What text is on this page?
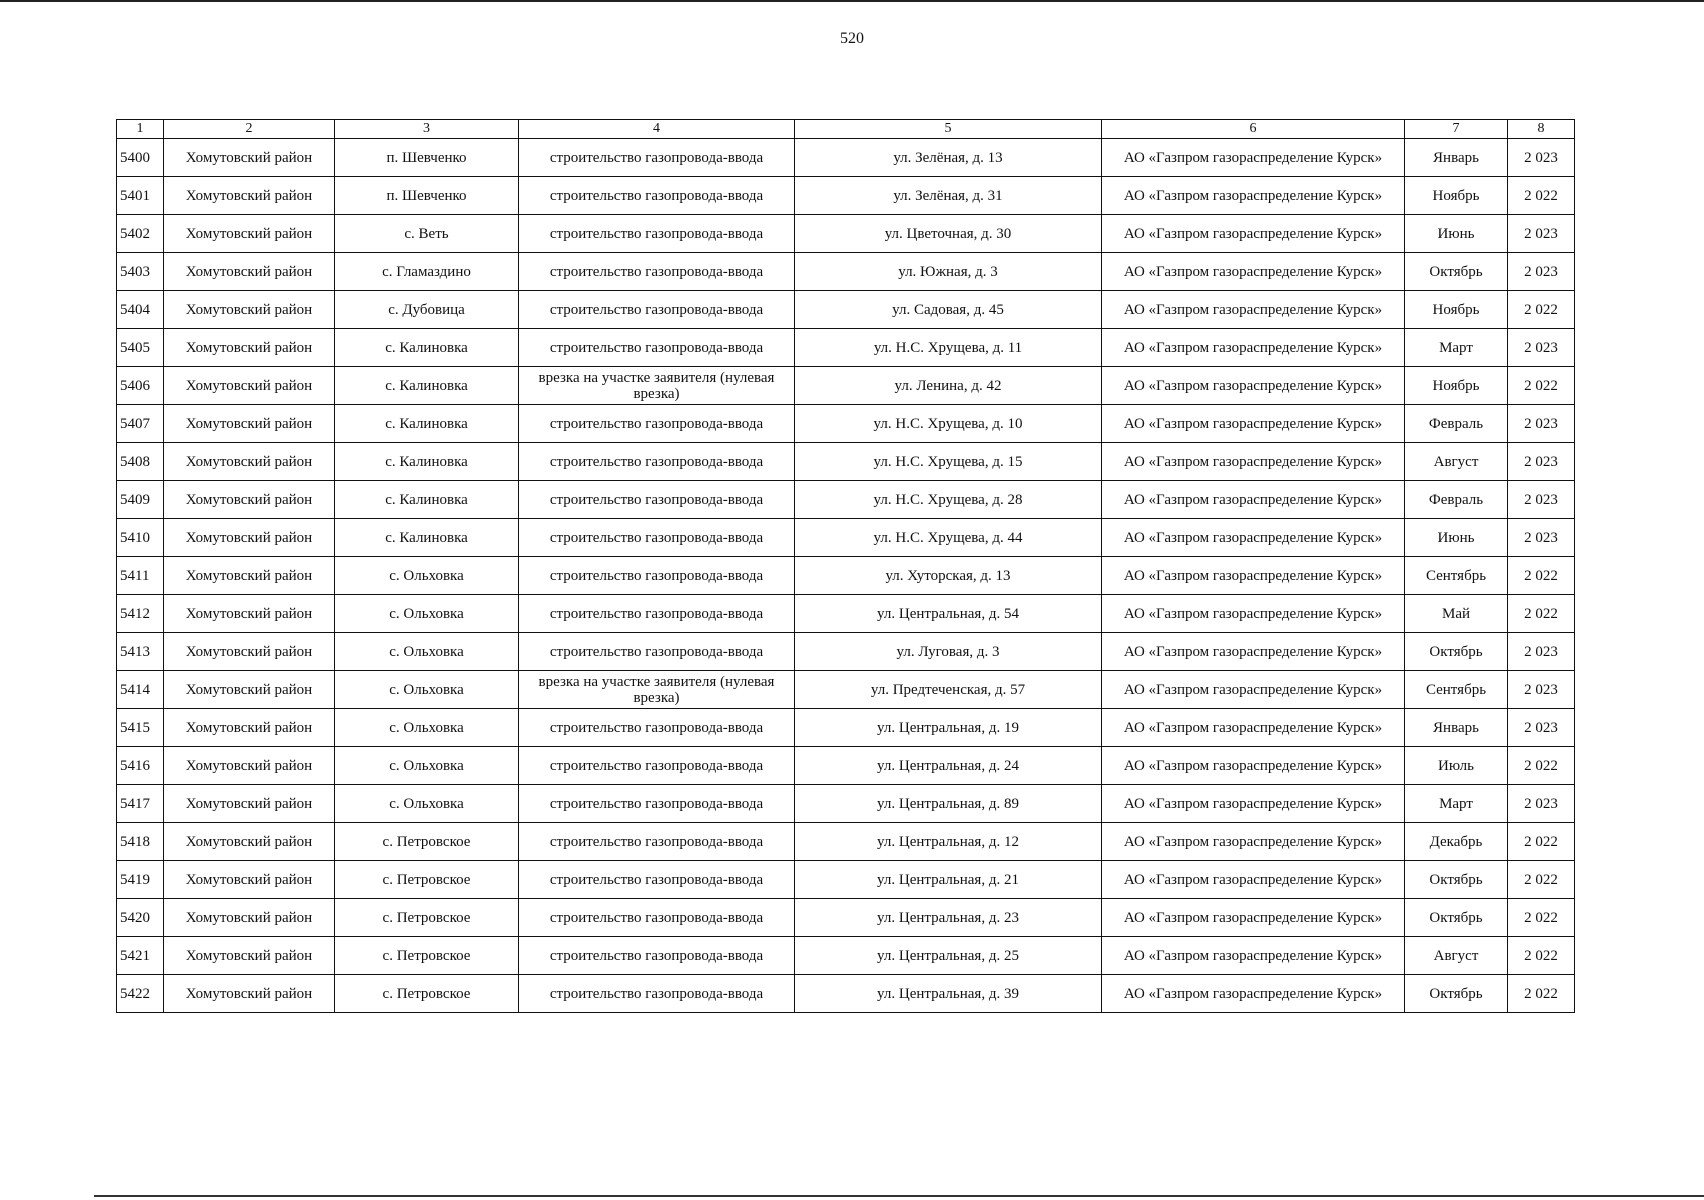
520
1	2	3	4	5	6	7	8
5400	Хомутовский район	п. Шевченко	строительство газопровода-ввода	ул. Зелёная, д. 13	АО «Газпром газораспределение Курск»	Январь	2 023
5401	Хомутовский район	п. Шевченко	строительство газопровода-ввода	ул. Зелёная, д. 31	АО «Газпром газораспределение Курск»	Ноябрь	2 022
5402	Хомутовский район	с. Веть	строительство газопровода-ввода	ул. Цветочная, д. 30	АО «Газпром газораспределение Курск»	Июнь	2 023
5403	Хомутовский район	с. Гламаздино	строительство газопровода-ввода	ул. Южная, д. 3	АО «Газпром газораспределение Курск»	Октябрь	2 023
5404	Хомутовский район	с. Дубовица	строительство газопровода-ввода	ул. Садовая, д. 45	АО «Газпром газораспределение Курск»	Ноябрь	2 022
5405	Хомутовский район	с. Калиновка	строительство газопровода-ввода	ул. Н.С. Хрущева, д. 11	АО «Газпром газораспределение Курск»	Март	2 023
5406	Хомутовский район	с. Калиновка	врезка на участке заявителя (нулевая врезка)	ул. Ленина, д. 42	АО «Газпром газораспределение Курск»	Ноябрь	2 022
5407	Хомутовский район	с. Калиновка	строительство газопровода-ввода	ул. Н.С. Хрущева, д. 10	АО «Газпром газораспределение Курск»	Февраль	2 023
5408	Хомутовский район	с. Калиновка	строительство газопровода-ввода	ул. Н.С. Хрущева, д. 15	АО «Газпром газораспределение Курск»	Август	2 023
5409	Хомутовский район	с. Калиновка	строительство газопровода-ввода	ул. Н.С. Хрущева, д. 28	АО «Газпром газораспределение Курск»	Февраль	2 023
5410	Хомутовский район	с. Калиновка	строительство газопровода-ввода	ул. Н.С. Хрущева, д. 44	АО «Газпром газораспределение Курск»	Июнь	2 023
5411	Хомутовский район	с. Ольховка	строительство газопровода-ввода	ул. Хуторская, д. 13	АО «Газпром газораспределение Курск»	Сентябрь	2 022
5412	Хомутовский район	с. Ольховка	строительство газопровода-ввода	ул. Центральная, д. 54	АО «Газпром газораспределение Курск»	Май	2 022
5413	Хомутовский район	с. Ольховка	строительство газопровода-ввода	ул. Луговая, д. 3	АО «Газпром газораспределение Курск»	Октябрь	2 023
5414	Хомутовский район	с. Ольховка	врезка на участке заявителя (нулевая врезка)	ул. Предтеченская, д. 57	АО «Газпром газораспределение Курск»	Сентябрь	2 023
5415	Хомутовский район	с. Ольховка	строительство газопровода-ввода	ул. Центральная, д. 19	АО «Газпром газораспределение Курск»	Январь	2 023
5416	Хомутовский район	с. Ольховка	строительство газопровода-ввода	ул. Центральная, д. 24	АО «Газпром газораспределение Курск»	Июль	2 022
5417	Хомутовский район	с. Ольховка	строительство газопровода-ввода	ул. Центральная, д. 89	АО «Газпром газораспределение Курск»	Март	2 023
5418	Хомутовский район	с. Петровское	строительство газопровода-ввода	ул. Центральная, д. 12	АО «Газпром газораспределение Курск»	Декабрь	2 022
5419	Хомутовский район	с. Петровское	строительство газопровода-ввода	ул. Центральная, д. 21	АО «Газпром газораспределение Курск»	Октябрь	2 022
5420	Хомутовский район	с. Петровское	строительство газопровода-ввода	ул. Центральная, д. 23	АО «Газпром газораспределение Курск»	Октябрь	2 022
5421	Хомутовский район	с. Петровское	строительство газопровода-ввода	ул. Центральная, д. 25	АО «Газпром газораспределение Курск»	Август	2 022
5422	Хомутовский район	с. Петровское	строительство газопровода-ввода	ул. Центральная, д. 39	АО «Газпром газораспределение Курск»	Октябрь	2 022
